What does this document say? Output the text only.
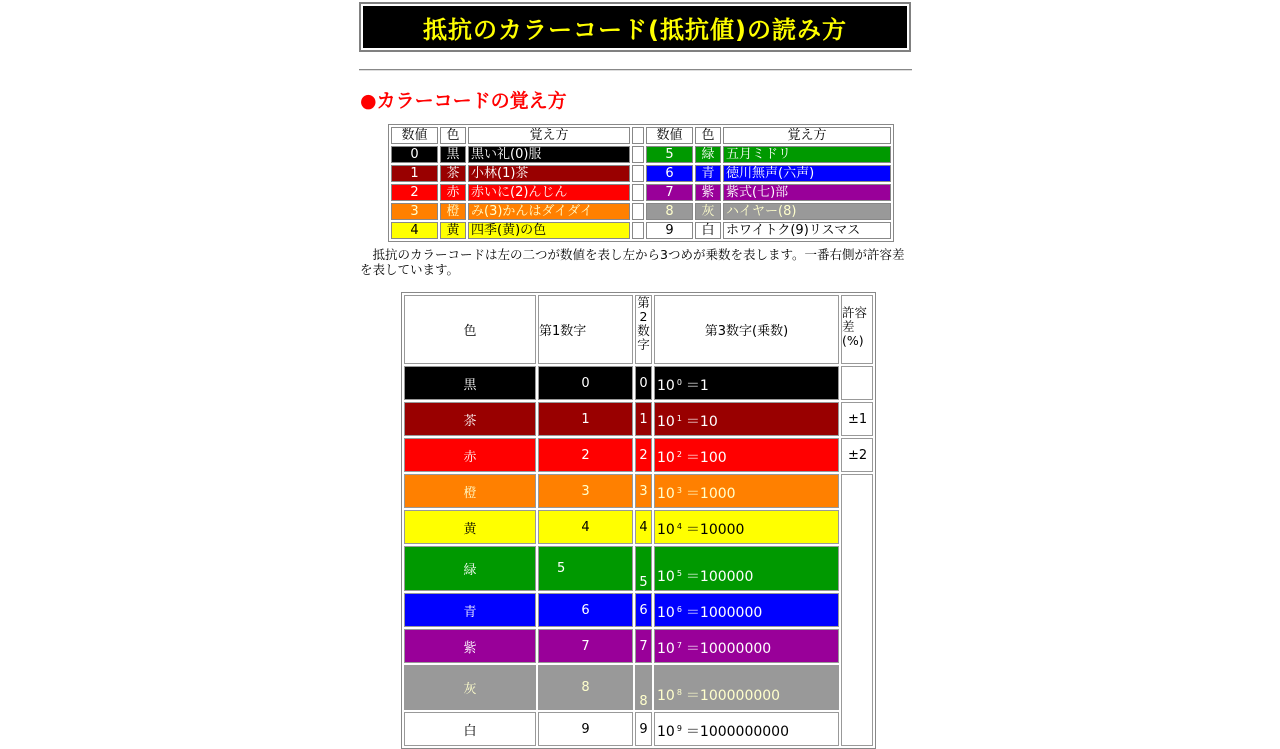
抵抗のカラーコード(抵抗値)の読み方
●カラーコードの覚え方
数値	色	覚え方		数値	色	覚え方
0	黒	黒い礼(0)服		5	緑	五月ミドリ
1	茶	小林(1)茶		6	青	徳川無声(六声)
2	赤	赤いに(2)んじん		7	紫	紫式(七)部
3	橙	み(3)かんはダイダイ		8	灰	ハイヤー(8)
4	黄	四季(黄)の色		9	白	ホワイトク(9)リスマス
　抵抗のカラーコードは左の二つが数値を表し左から3つめが乗数を表します。一番右側が許容差を表しています。
色	第1数字	第2数字	第3数字(乗数)	許容差(%)
黒	0	0	10 $^0$ ＝1	
茶	1	1	10 $^1$ ＝10	±1
赤	2	2	10 $^2$ ＝100	±2
橙	3	3	10 $^3$ ＝1000	
黄	4	4	10 $^4$ ＝10000	
緑	5	5	10 $^5$ ＝100000	
青	6	6	10 $^6$ ＝1000000	
紫	7	7	10 $^7$ ＝10000000	
灰	8	8	10 $^8$ ＝100000000	
白	9	9	10 $^9$ ＝1000000000	
